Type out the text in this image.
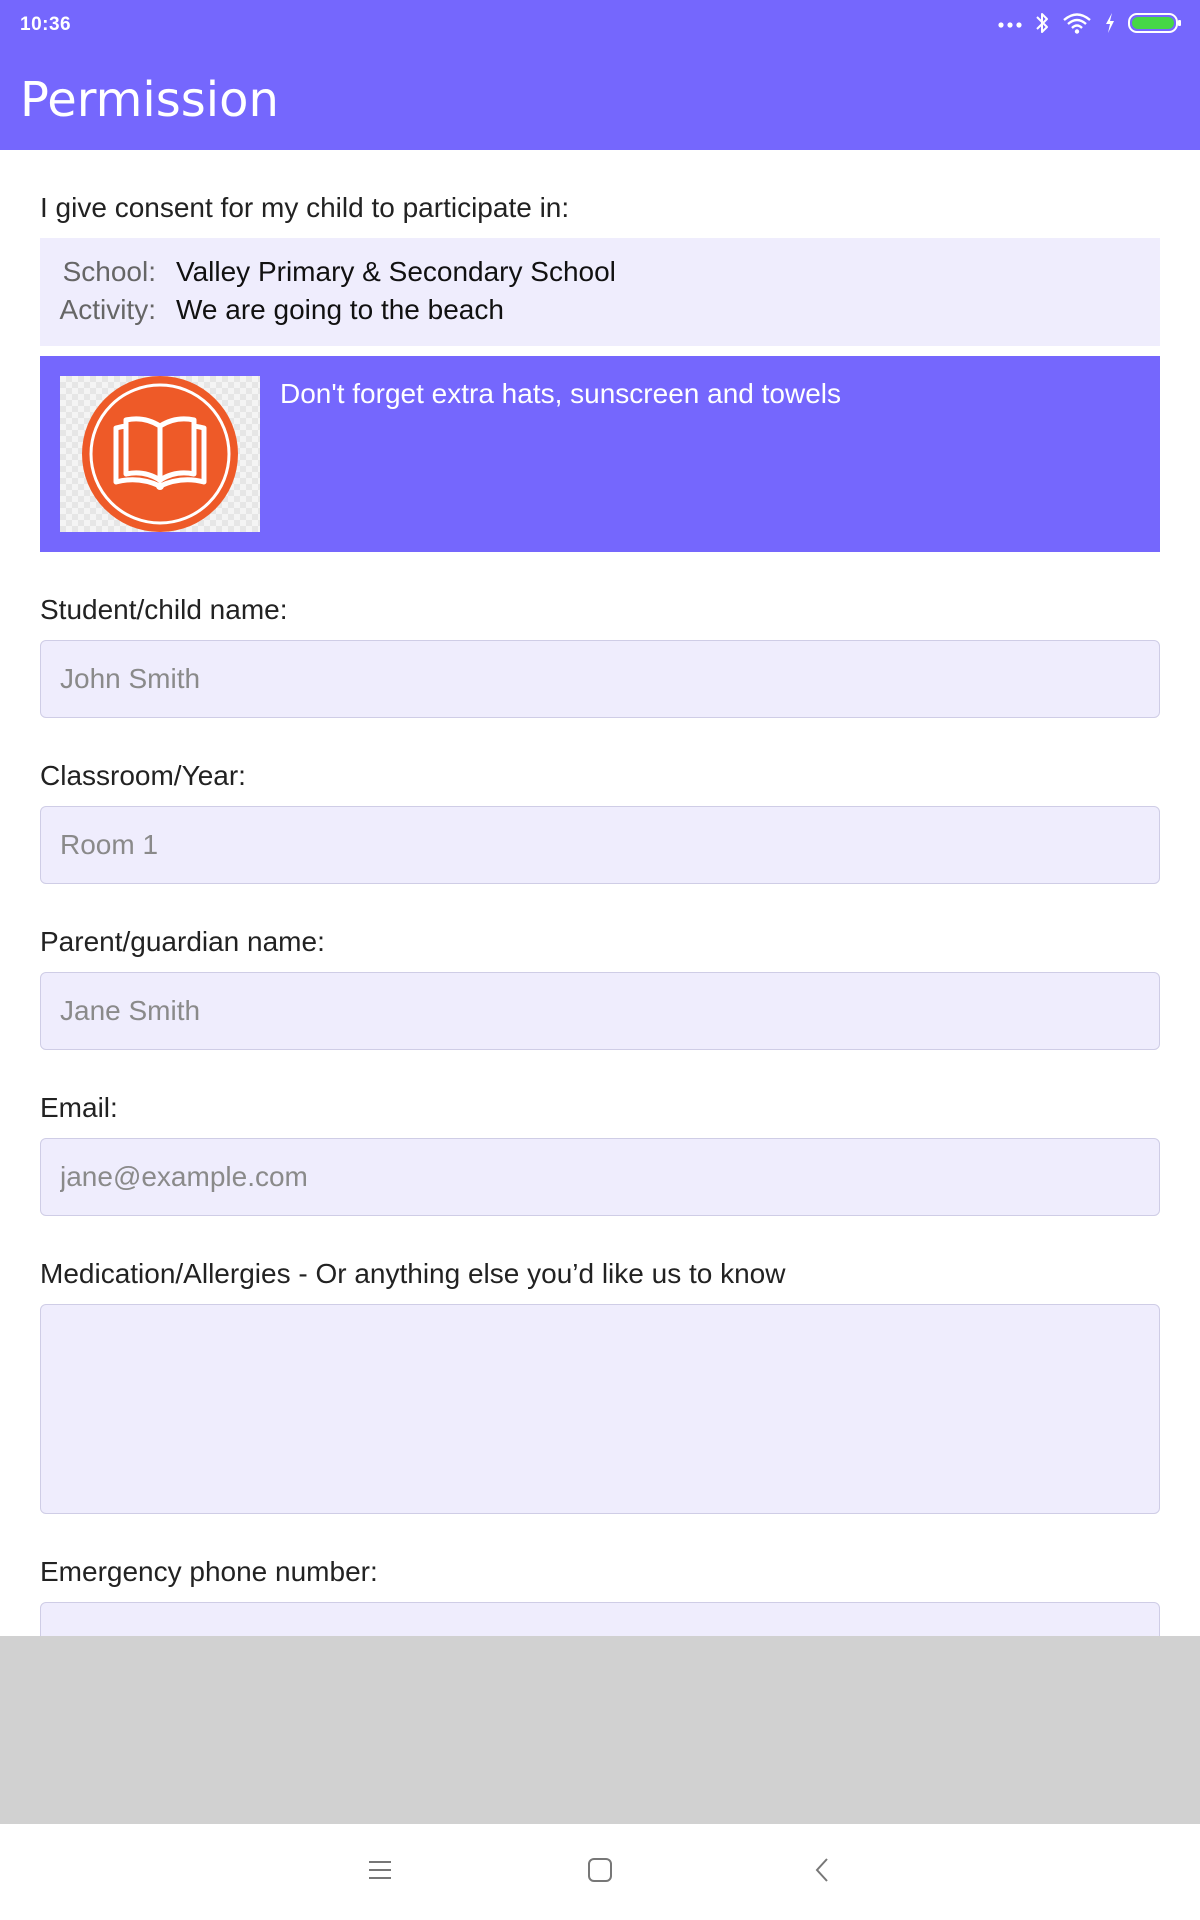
10:36
Permission
I give consent for my child to participate in:
School: Valley Primary & Secondary School
Activity: We are going to the beach
Don't forget extra hats, sunscreen and towels
Student/child name:
John Smith
Classroom/Year:
Room 1
Parent/guardian name:
Jane Smith
Email:
jane@example.com
Medication/Allergies - Or anything else you’d like us to know
Emergency phone number:
